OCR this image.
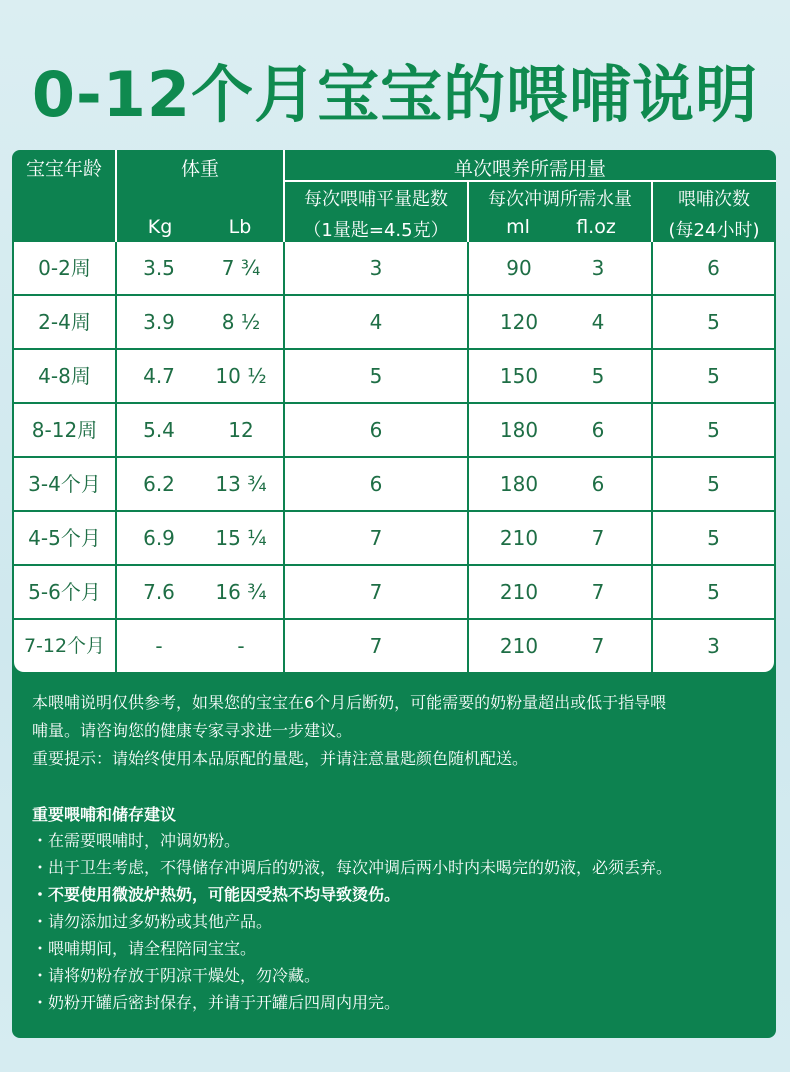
0-12个月宝宝的喂哺说明
宝宝年龄	体重
Kg	Lb
单次喂养所需用量
每次喂哺平量匙数
（1量匙=4.5克）
每次冲调所需水量
ml	fl.oz
喂哺次数
(每24小时)
0-2周	3.5	7 ¾	3	90	3	6
2-4周	3.9	8 ½	4	120	4	5
4-8周	4.7	10 ½	5	150	5	5
8-12周	5.4	12	6	180	6	5
3-4个月	6.2	13 ¾	6	180	6	5
4-5个月	6.9	15 ¼	7	210	7	5
5-6个月	7.6	16 ¾	7	210	7	5
7-12个月	-	-	7	210	7	3
本喂哺说明仅供参考，如果您的宝宝在6个月后断奶，可能需要的奶粉量超出或低于指导喂
哺量。请咨询您的健康专家寻求进一步建议。
重要提示：请始终使用本品原配的量匙，并请注意量匙颜色随机配送。
重要喂哺和储存建议
・在需要喂哺时，冲调奶粉。
・出于卫生考虑，不得储存冲调后的奶液，每次冲调后两小时内未喝完的奶液，必须丢弃。
・不要使用微波炉热奶，可能因受热不均导致烫伤。
・请勿添加过多奶粉或其他产品。
・喂哺期间，请全程陪同宝宝。
・请将奶粉存放于阴凉干燥处，勿冷藏。
・奶粉开罐后密封保存，并请于开罐后四周内用完。
